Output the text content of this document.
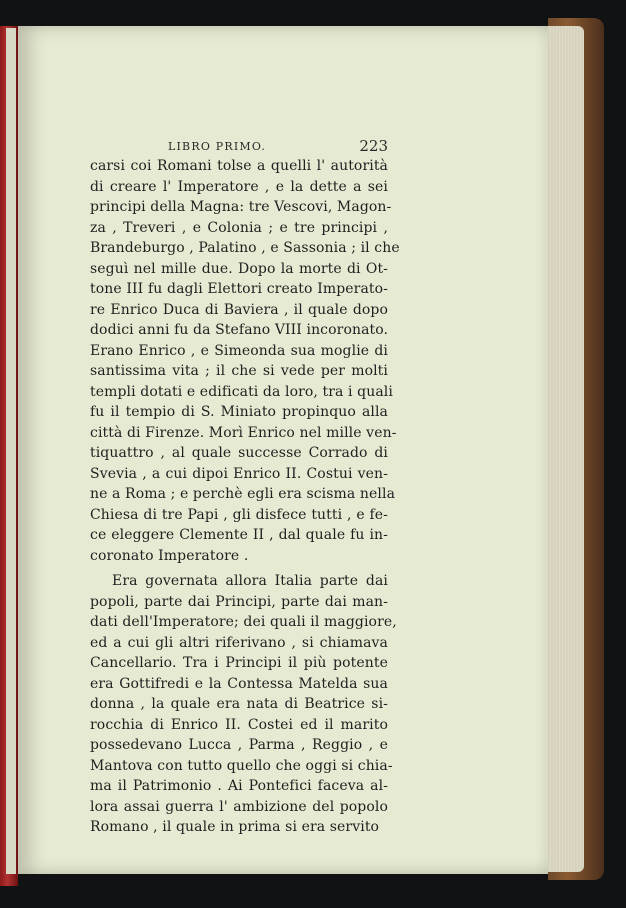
LIBRO PRIMO.	223
carsi coi Romani tolse a quelli l' autorità
di creare l' Imperatore , e la dette a sei
principi della Magna: tre Vescovi, Magon-
za , Treveri , e Colonia ; e tre principi ,
Brandeburgo , Palatino , e Sassonia ; il che
seguì nel mille due. Dopo la morte di Ot-
tone III fu dagli Elettori creato Imperato-
re Enrico Duca di Baviera , il quale dopo
dodici anni fu da Stefano VIII incoronato.
Erano Enrico , e Simeonda sua moglie di
santissima vita ; il che si vede per molti
templi dotati e edificati da loro, tra i quali
fu il tempio di S. Miniato propinquo alla
città di Firenze. Morì Enrico nel mille ven-
tiquattro , al quale successe Corrado di
Svevia , a cui dipoi Enrico II. Costui ven-
ne a Roma ; e perchè egli era scisma nella
Chiesa di tre Papi , gli disfece tutti , e fe-
ce eleggere Clemente II , dal quale fu in-
coronato Imperatore .
Era governata allora Italia parte dai
popoli, parte dai Principi, parte dai man-
dati dell'Imperatore; dei quali il maggiore,
ed a cui gli altri riferivano , si chiamava
Cancellario. Tra i Principi il più potente
era Gottifredi e la Contessa Matelda sua
donna , la quale era nata di Beatrice si-
rocchia di Enrico II. Costei ed il marito
possedevano Lucca , Parma , Reggio , e
Mantova con tutto quello che oggi si chia-
ma il Patrimonio . Ai Pontefici faceva al-
lora assai guerra l' ambizione del popolo
Romano , il quale in prima si era servito
